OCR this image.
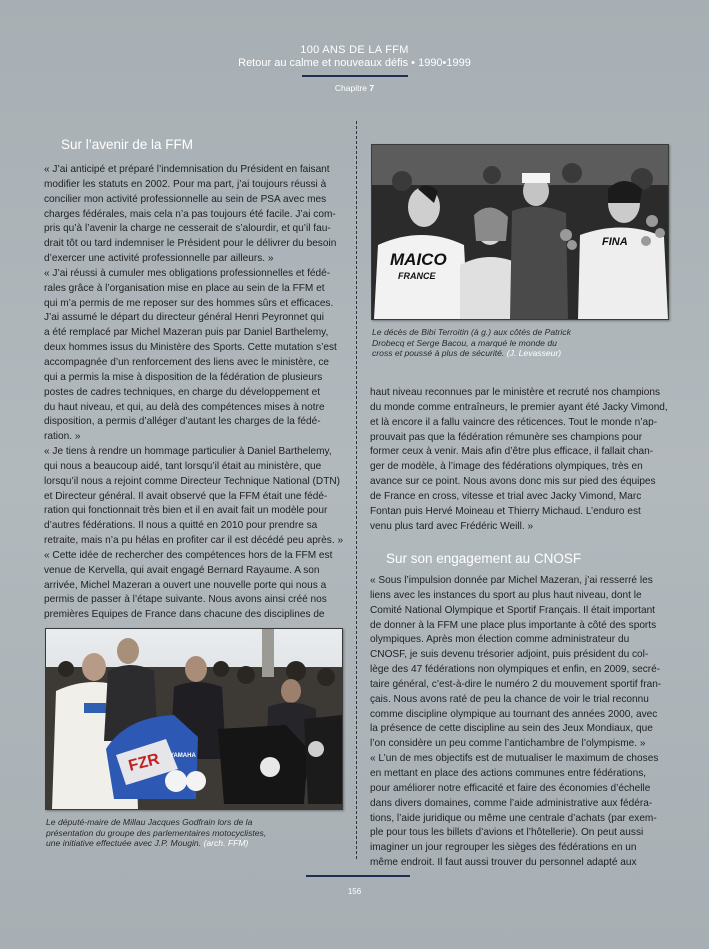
100 ANS DE LA FFM
Retour au calme et nouveaux défis • 1990•1999
Chapitre 7
Sur l’avenir de la FFM
« J’ai anticipé et préparé l’indemnisation du Président en faisant
modifier les statuts en 2002. Pour ma part, j’ai toujours réussi à
concilier mon activité professionnelle au sein de PSA avec mes
charges fédérales, mais cela n’a pas toujours été facile. J’ai com-
pris qu’à l’avenir la charge ne cesserait de s’alourdir, et qu’il fau-
drait tôt ou tard indemniser le Président pour le délivrer du besoin
d’exercer une activité professionnelle par ailleurs. »
« J’ai réussi à cumuler mes obligations professionnelles et fédé-
rales grâce à l’organisation mise en place au sein de la FFM et
qui m’a permis de me reposer sur des hommes sûrs et efficaces.
J’ai assumé le départ du directeur général Henri Peyronnet qui
a été remplacé par Michel Mazeran puis par Daniel Barthelemy,
deux hommes issus du Ministère des Sports. Cette mutation s’est
accompagnée d’un renforcement des liens avec le ministère, ce
qui a permis la mise à disposition de la fédération de plusieurs
postes de cadres techniques, en charge du développement et
du haut niveau, et qui, au delà des compétences mises à notre
disposition, a permis d’alléger d’autant les charges de la fédé-
ration. »
« Je tiens à rendre un hommage particulier à Daniel Barthelemy,
qui nous a beaucoup aidé, tant lorsqu’il était au ministère, que
lorsqu’il nous a rejoint comme Directeur Technique National (DTN)
et Directeur général. Il avait observé que la FFM était une fédé-
ration qui fonctionnait très bien et il en avait fait un modèle pour
d’autres fédérations. Il nous a quitté en 2010 pour prendre sa
retraite, mais n’a pu hélas en profiter car il est décédé peu après. »
« Cette idée de rechercher des compétences hors de la FFM est
venue de Kervella, qui avait engagé Bernard Rayaume. A son
arrivée, Michel Mazeran a ouvert une nouvelle porte qui nous a
permis de passer à l’étape suivante. Nous avons ainsi créé nos
premières Equipes de France dans chacune des disciplines de
FZR YAMAHA
Le député-maire de Millau Jacques Godfrain lors de la
présentation du groupe des parlementaires motocyclistes,
une initiative effectuée avec J.P. Mougin. (arch. FFM)
MAICO
FRANCE
FINA
Le décès de Bibi Terroitin (à g.) aux côtés de Patrick
Drobecq et Serge Bacou, a marqué le monde du
cross et poussé à plus de sécurité. (J. Levasseur)
haut niveau reconnues par le ministère et recruté nos champions
du monde comme entraîneurs, le premier ayant été Jacky Vimond,
et là encore il a fallu vaincre des réticences. Tout le monde n’ap-
prouvait pas que la fédération rémunère ses champions pour
former ceux à venir. Mais afin d’être plus efficace, il fallait chan-
ger de modèle, à l’image des fédérations olympiques, très en
avance sur ce point. Nous avons donc mis sur pied des équipes
de France en cross, vitesse et trial avec Jacky Vimond, Marc
Fontan puis Hervé Moineau et Thierry Michaud. L’enduro est
venu plus tard avec Frédéric Weill. »
Sur son engagement au CNOSF
« Sous l’impulsion donnée par Michel Mazeran, j’ai resserré les
liens avec les instances du sport au plus haut niveau, dont le
Comité National Olympique et Sportif Français. Il était important
de donner à la FFM une place plus importante à côté des sports
olympiques. Après mon élection comme administrateur du
CNOSF, je suis devenu trésorier adjoint, puis président du col-
lège des 47 fédérations non olympiques et enfin, en 2009, secré-
taire général, c’est-à-dire le numéro 2 du mouvement sportif fran-
çais. Nous avons raté de peu la chance de voir le trial reconnu
comme discipline olympique au tournant des années 2000, avec
la présence de cette discipline au sein des Jeux Mondiaux, que
l’on considère un peu comme l’antichambre de l’olympisme. »
« L’un de mes objectifs est de mutualiser le maximum de choses
en mettant en place des actions communes entre fédérations,
pour améliorer notre efficacité et faire des économies d’échelle
dans divers domaines, comme l’aide administrative aux fédéra-
tions, l’aide juridique ou même une centrale d’achats (par exem-
ple pour tous les billets d’avions et l’hôtellerie). On peut aussi
imaginer un jour regrouper les sièges des fédérations en un
même endroit. Il faut aussi trouver du personnel adapté aux
156
